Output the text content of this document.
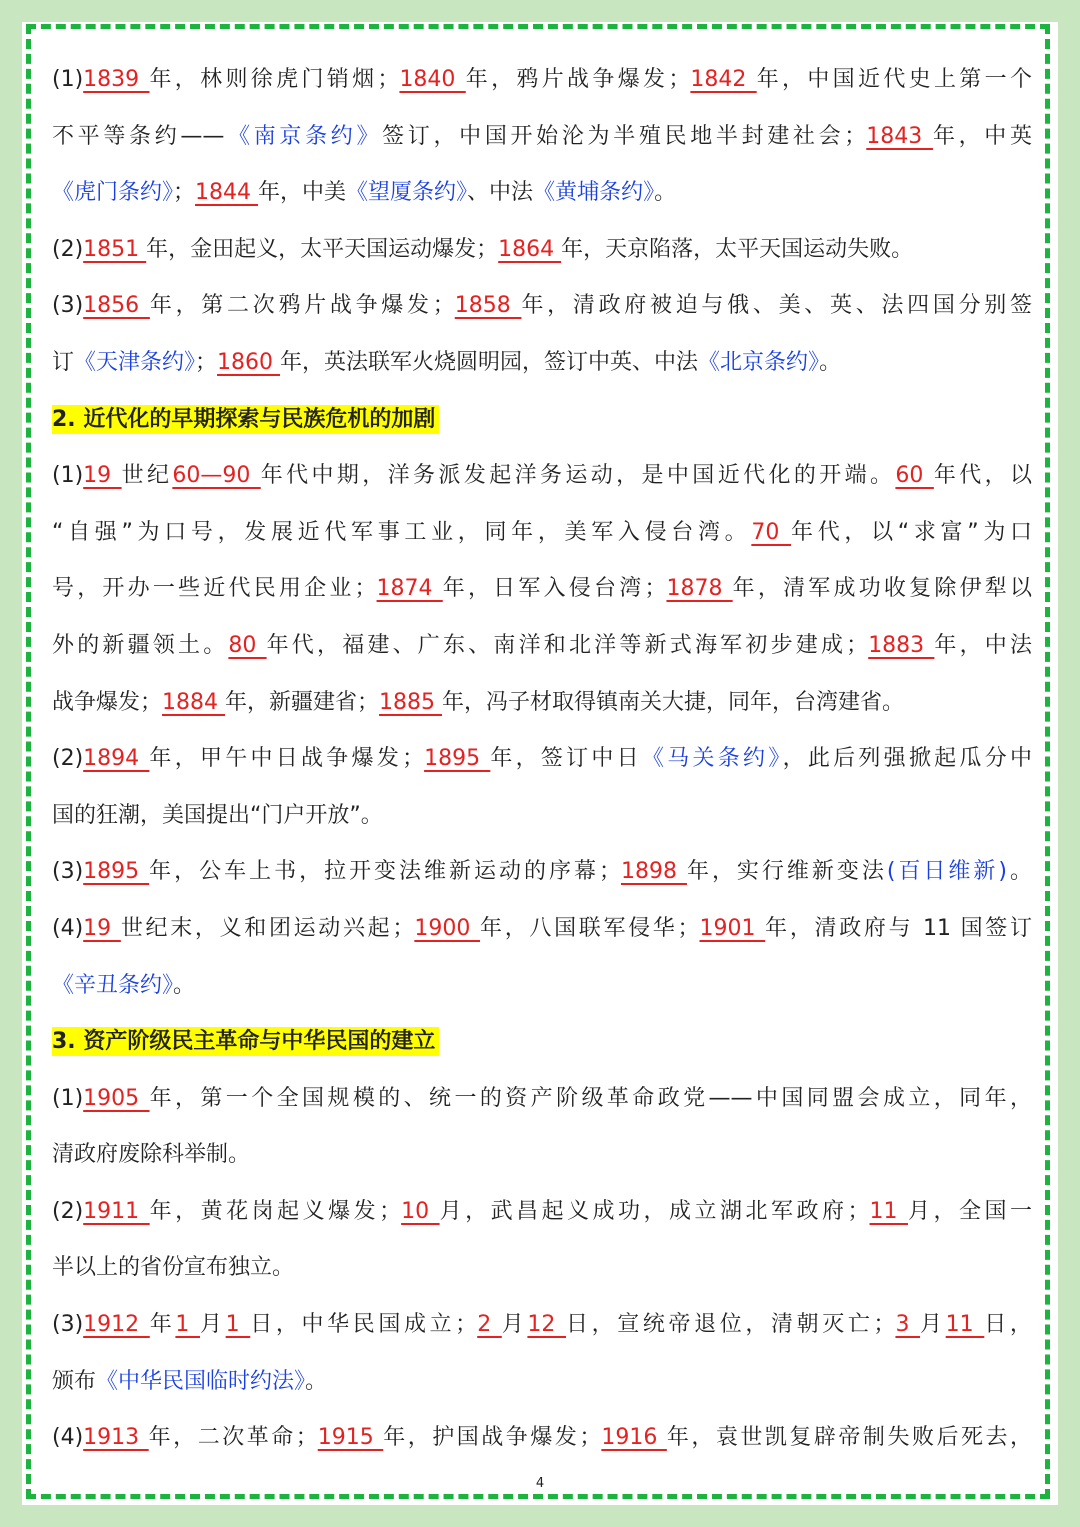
(1)1839 年，林则徐虎门销烟；1840 年，鸦片战争爆发；1842 年，中国近代史上第一个
不平等条约——《南京条约》签订，中国开始沦为半殖民地半封建社会；1843 年，中英
《虎门条约》；1844 年，中美《望厦条约》、中法《黄埔条约》。
(2)1851 年，金田起义，太平天国运动爆发；1864 年，天京陷落，太平天国运动失败。
(3)1856 年，第二次鸦片战争爆发；1858 年，清政府被迫与俄、美、英、法四国分别签
订《天津条约》；1860 年，英法联军火烧圆明园，签订中英、中法《北京条约》。
2. 近代化的早期探索与民族危机的加剧
(1)19 世纪60—90 年代中期，洋务派发起洋务运动，是中国近代化的开端。60 年代，以
“自强”为口号，发展近代军事工业，同年，美军入侵台湾。70 年代，以“求富”为口
号，开办一些近代民用企业；1874 年，日军入侵台湾；1878 年，清军成功收复除伊犁以
外的新疆领土。80 年代，福建、广东、南洋和北洋等新式海军初步建成；1883 年，中法
战争爆发；1884 年，新疆建省；1885 年，冯子材取得镇南关大捷，同年，台湾建省。
(2)1894 年，甲午中日战争爆发；1895 年，签订中日《马关条约》，此后列强掀起瓜分中
国的狂潮，美国提出“门户开放”。
(3)1895 年，公车上书，拉开变法维新运动的序幕；1898 年，实行维新变法(百日维新)。
(4)19 世纪末，义和团运动兴起；1900 年，八国联军侵华；1901 年，清政府与 11 国签订
《辛丑条约》。
3. 资产阶级民主革命与中华民国的建立
(1)1905 年，第一个全国规模的、统一的资产阶级革命政党——中国同盟会成立，同年，
清政府废除科举制。
(2)1911 年，黄花岗起义爆发；10 月，武昌起义成功，成立湖北军政府；11 月，全国一
半以上的省份宣布独立。
(3)1912 年1 月1 日，中华民国成立；2 月12 日，宣统帝退位，清朝灭亡；3 月11 日，
颁布《中华民国临时约法》。
(4)1913 年，二次革命；1915 年，护国战争爆发；1916 年，袁世凯复辟帝制失败后死去，
4
